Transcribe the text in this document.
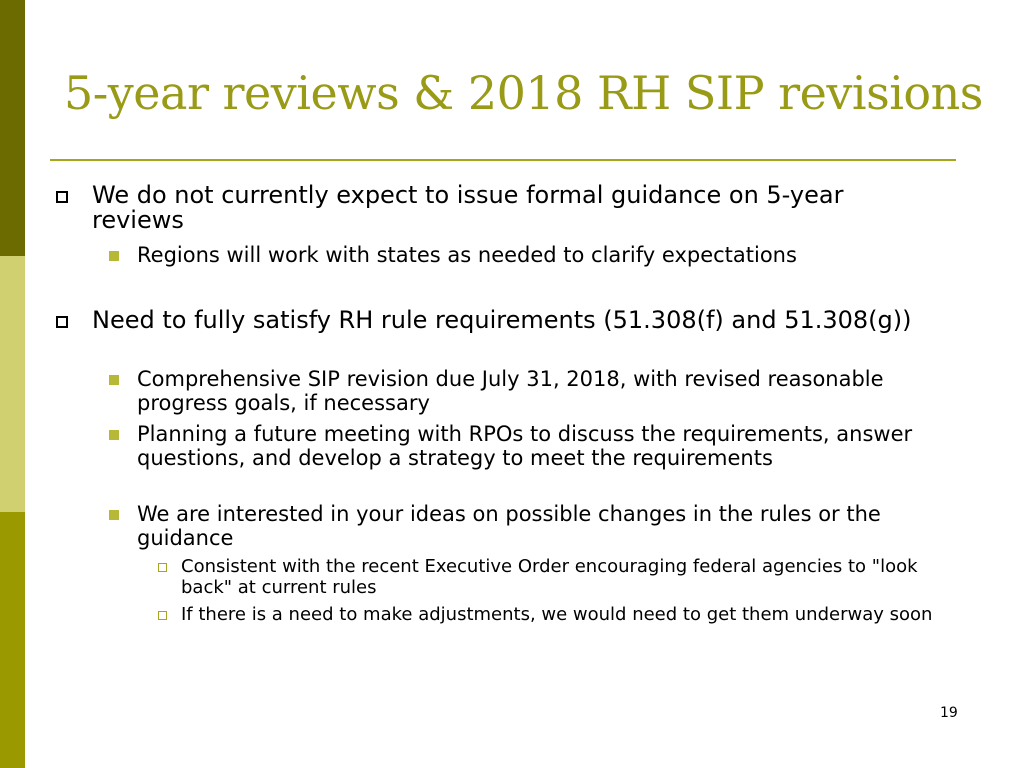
5-year reviews & 2018 RH SIP revisions
We do not currently expect to issue formal guidance on 5-year reviews
Regions will work with states as needed to clarify expectations
Need to fully satisfy RH rule requirements (51.308(f) and 51.308(g))
Comprehensive SIP revision due July 31, 2018, with revised reasonable progress goals, if necessary
Planning a future meeting with RPOs to discuss the requirements, answer questions, and develop a strategy to meet the requirements
We are interested in your ideas on possible changes in the rules or the guidance
Consistent with the recent Executive Order encouraging federal agencies to "look back" at current rules
If there is a need to make adjustments, we would need to get them underway soon
19
